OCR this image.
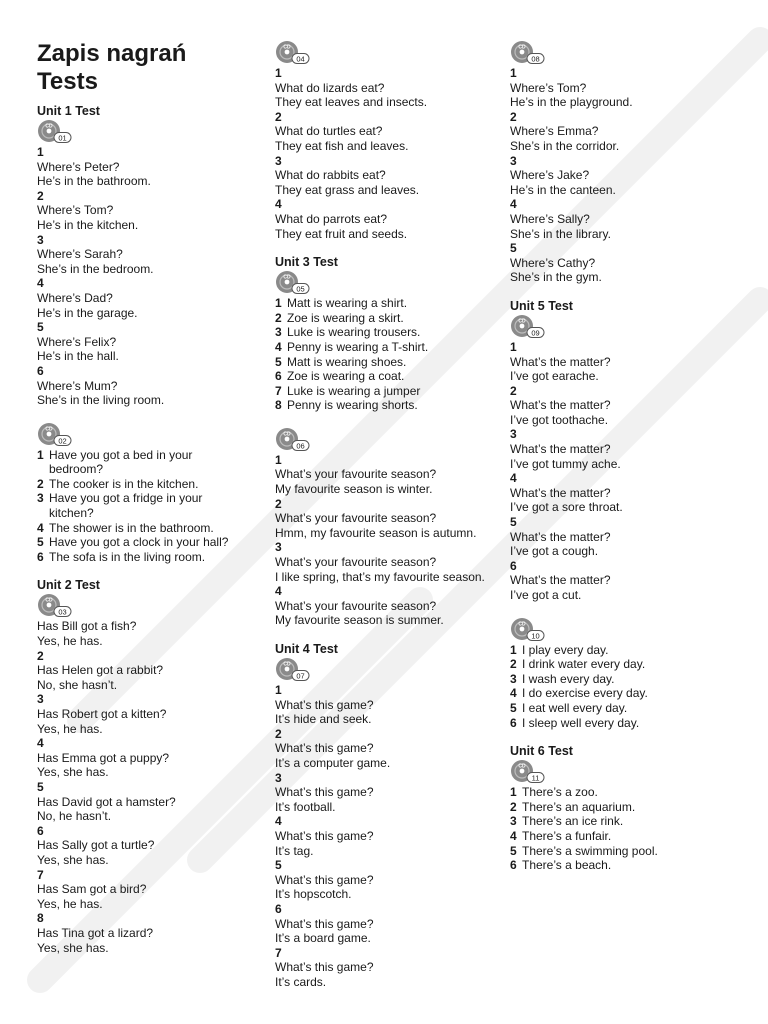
Zapis nagrań
Tests
Unit 1 Test
CD
01
1
Where’s Peter?
He’s in the bathroom.
2
Where’s Tom?
He’s in the kitchen.
3
Where’s Sarah?
She’s in the bedroom.
4
Where’s Dad?
He’s in the garage.
5
Where’s Felix?
He’s in the hall.
6
Where’s Mum?
She’s in the living room.
CD
02
1 Have you got a bed in your
bedroom?
2 The cooker is in the kitchen.
3 Have you got a fridge in your
kitchen?
4 The shower is in the bathroom.
5 Have you got a clock in your hall?
6 The sofa is in the living room.
Unit 2 Test
CD
03
Has Bill got a fish?
Yes, he has.
2
Has Helen got a rabbit?
No, she hasn’t.
3
Has Robert got a kitten?
Yes, he has.
4
Has Emma got a puppy?
Yes, she has.
5
Has David got a hamster?
No, he hasn’t.
6
Has Sally got a turtle?
Yes, she has.
7
Has Sam got a bird?
Yes, he has.
8
Has Tina got a lizard?
Yes, she has.
CD
04
1
What do lizards eat?
They eat leaves and insects.
2
What do turtles eat?
They eat fish and leaves.
3
What do rabbits eat?
They eat grass and leaves.
4
What do parrots eat?
They eat fruit and seeds.
Unit 3 Test
CD
05
1 Matt is wearing a shirt.
2 Zoe is wearing a skirt.
3 Luke is wearing trousers.
4 Penny is wearing a T-shirt.
5 Matt is wearing shoes.
6 Zoe is wearing a coat.
7 Luke is wearing a jumper
8 Penny is wearing shorts.
CD
06
1
What’s your favourite season?
My favourite season is winter.
2
What’s your favourite season?
Hmm, my favourite season is autumn.
3
What’s your favourite season?
I like spring, that’s my favourite season.
4
What’s your favourite season?
My favourite season is summer.
Unit 4 Test
CD
07
1
What’s this game?
It’s hide and seek.
2
What’s this game?
It’s a computer game.
3
What’s this game?
It’s football.
4
What’s this game?
It’s tag.
5
What’s this game?
It’s hopscotch.
6
What’s this game?
It’s a board game.
7
What’s this game?
It’s cards.
CD
08
1
Where’s Tom?
He’s in the playground.
2
Where’s Emma?
She’s in the corridor.
3
Where’s Jake?
He’s in the canteen.
4
Where’s Sally?
She’s in the library.
5
Where’s Cathy?
She’s in the gym.
Unit 5 Test
CD
09
1
What’s the matter?
I’ve got earache.
2
What’s the matter?
I’ve got toothache.
3
What’s the matter?
I’ve got tummy ache.
4
What’s the matter?
I’ve got a sore throat.
5
What’s the matter?
I’ve got a cough.
6
What’s the matter?
I’ve got a cut.
CD
10
1 I play every day.
2 I drink water every day.
3 I wash every day.
4 I do exercise every day.
5 I eat well every day.
6 I sleep well every day.
Unit 6 Test
CD
11
1 There’s a zoo.
2 There’s an aquarium.
3 There’s an ice rink.
4 There’s a funfair.
5 There’s a swimming pool.
6 There’s a beach.
